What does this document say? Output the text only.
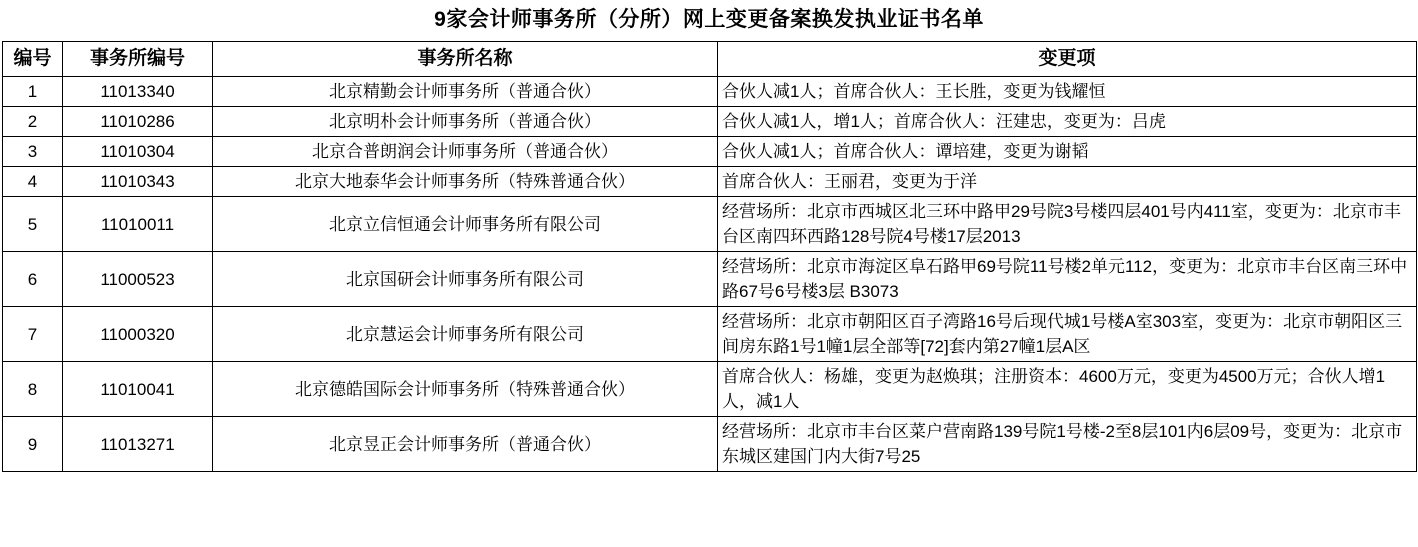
9家会计师事务所（分所）网上变更备案换发执业证书名单
编号	事务所编号	事务所名称	变更项
1	11013340	北京精勤会计师事务所（普通合伙）	合伙人减1人；首席合伙人：王长胜，变更为钱耀恒
2	11010286	北京明朴会计师事务所（普通合伙）	合伙人减1人，增1人；首席合伙人：汪建忠，变更为：吕虎
3	11010304	北京合普朗润会计师事务所（普通合伙）	合伙人减1人；首席合伙人：谭培建，变更为谢韬
4	11010343	北京大地泰华会计师事务所（特殊普通合伙）	首席合伙人：王丽君，变更为于洋
5	11010011	北京立信恒通会计师事务所有限公司	经营场所：北京市西城区北三环中路甲29号院3号楼四层401号内411室，变更为：北京市丰台区南四环西路128号院4号楼17层2013
6	11000523	北京国研会计师事务所有限公司	经营场所：北京市海淀区阜石路甲69号院11号楼2单元112，变更为：北京市丰台区南三环中路67号6号楼3层 B3073
7	11000320	北京慧运会计师事务所有限公司	经营场所：北京市朝阳区百子湾路16号后现代城1号楼A室303室，变更为：北京市朝阳区三间房东路1号1幢1层全部等[72]套内第27幢1层A区
8	11010041	北京德皓国际会计师事务所（特殊普通合伙）	首席合伙人：杨雄，变更为赵焕琪；注册资本：4600万元，变更为4500万元；合伙人增1人，减1人
9	11013271	北京昱正会计师事务所（普通合伙）	经营场所：北京市丰台区菜户营南路139号院1号楼-2至8层101内6层09号，变更为：北京市东城区建国门内大街7号25
